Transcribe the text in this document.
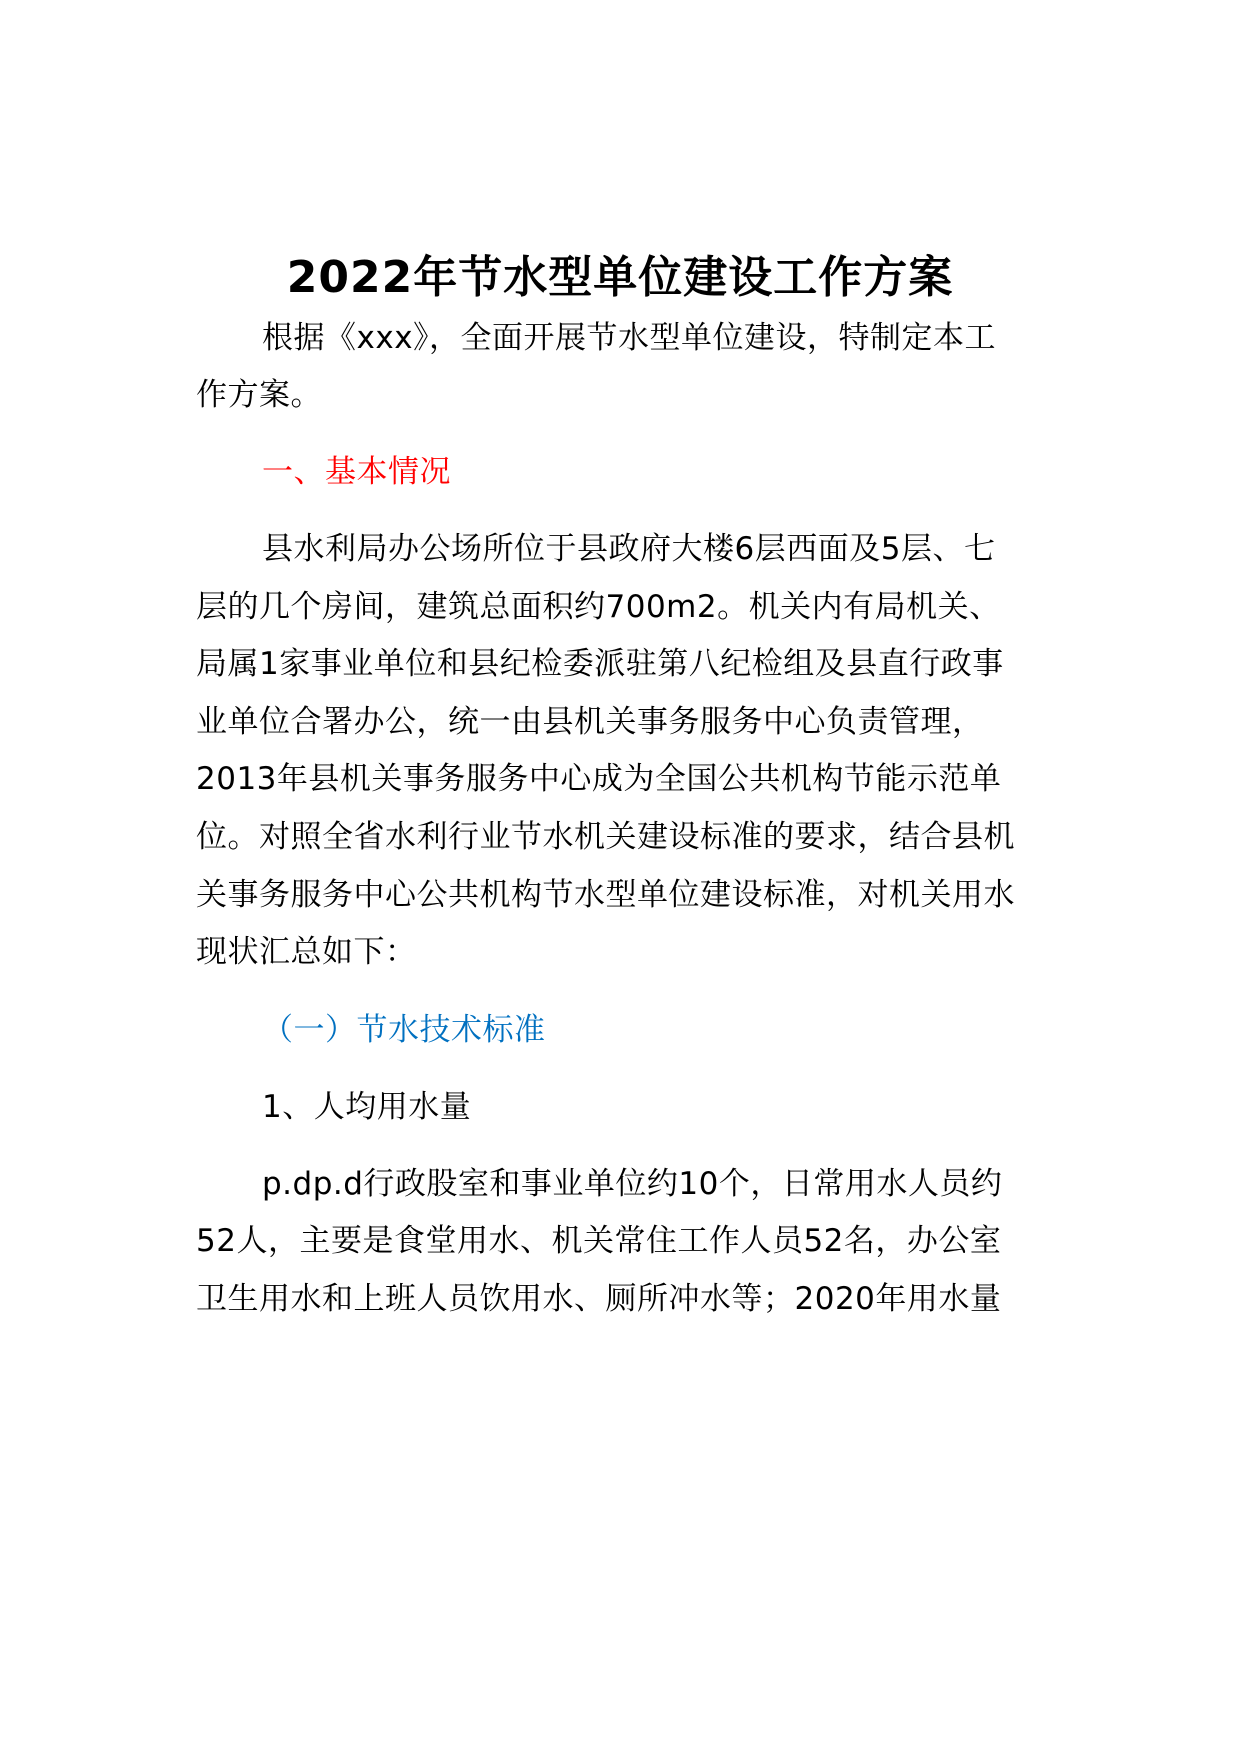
2022年节水型单位建设工作方案
根据《xxx》，全面开展节水型单位建设，特制定本工
作方案。
一、基本情况
县水利局办公场所位于县政府大楼6层西面及5层、七
层的几个房间，建筑总面积约700m2。机关内有局机关、
局属1家事业单位和县纪检委派驻第八纪检组及县直行政事
业单位合署办公，统一由县机关事务服务中心负责管理，
2013年县机关事务服务中心成为全国公共机构节能示范单
位。对照全省水利行业节水机关建设标准的要求，结合县机
关事务服务中心公共机构节水型单位建设标准，对机关用水
现状汇总如下：
（一）节水技术标准
1、人均用水量
p.dp.d行政股室和事业单位约10个，日常用水人员约
52人，主要是食堂用水、机关常住工作人员52名，办公室
卫生用水和上班人员饮用水、厕所冲水等；2020年用水量
